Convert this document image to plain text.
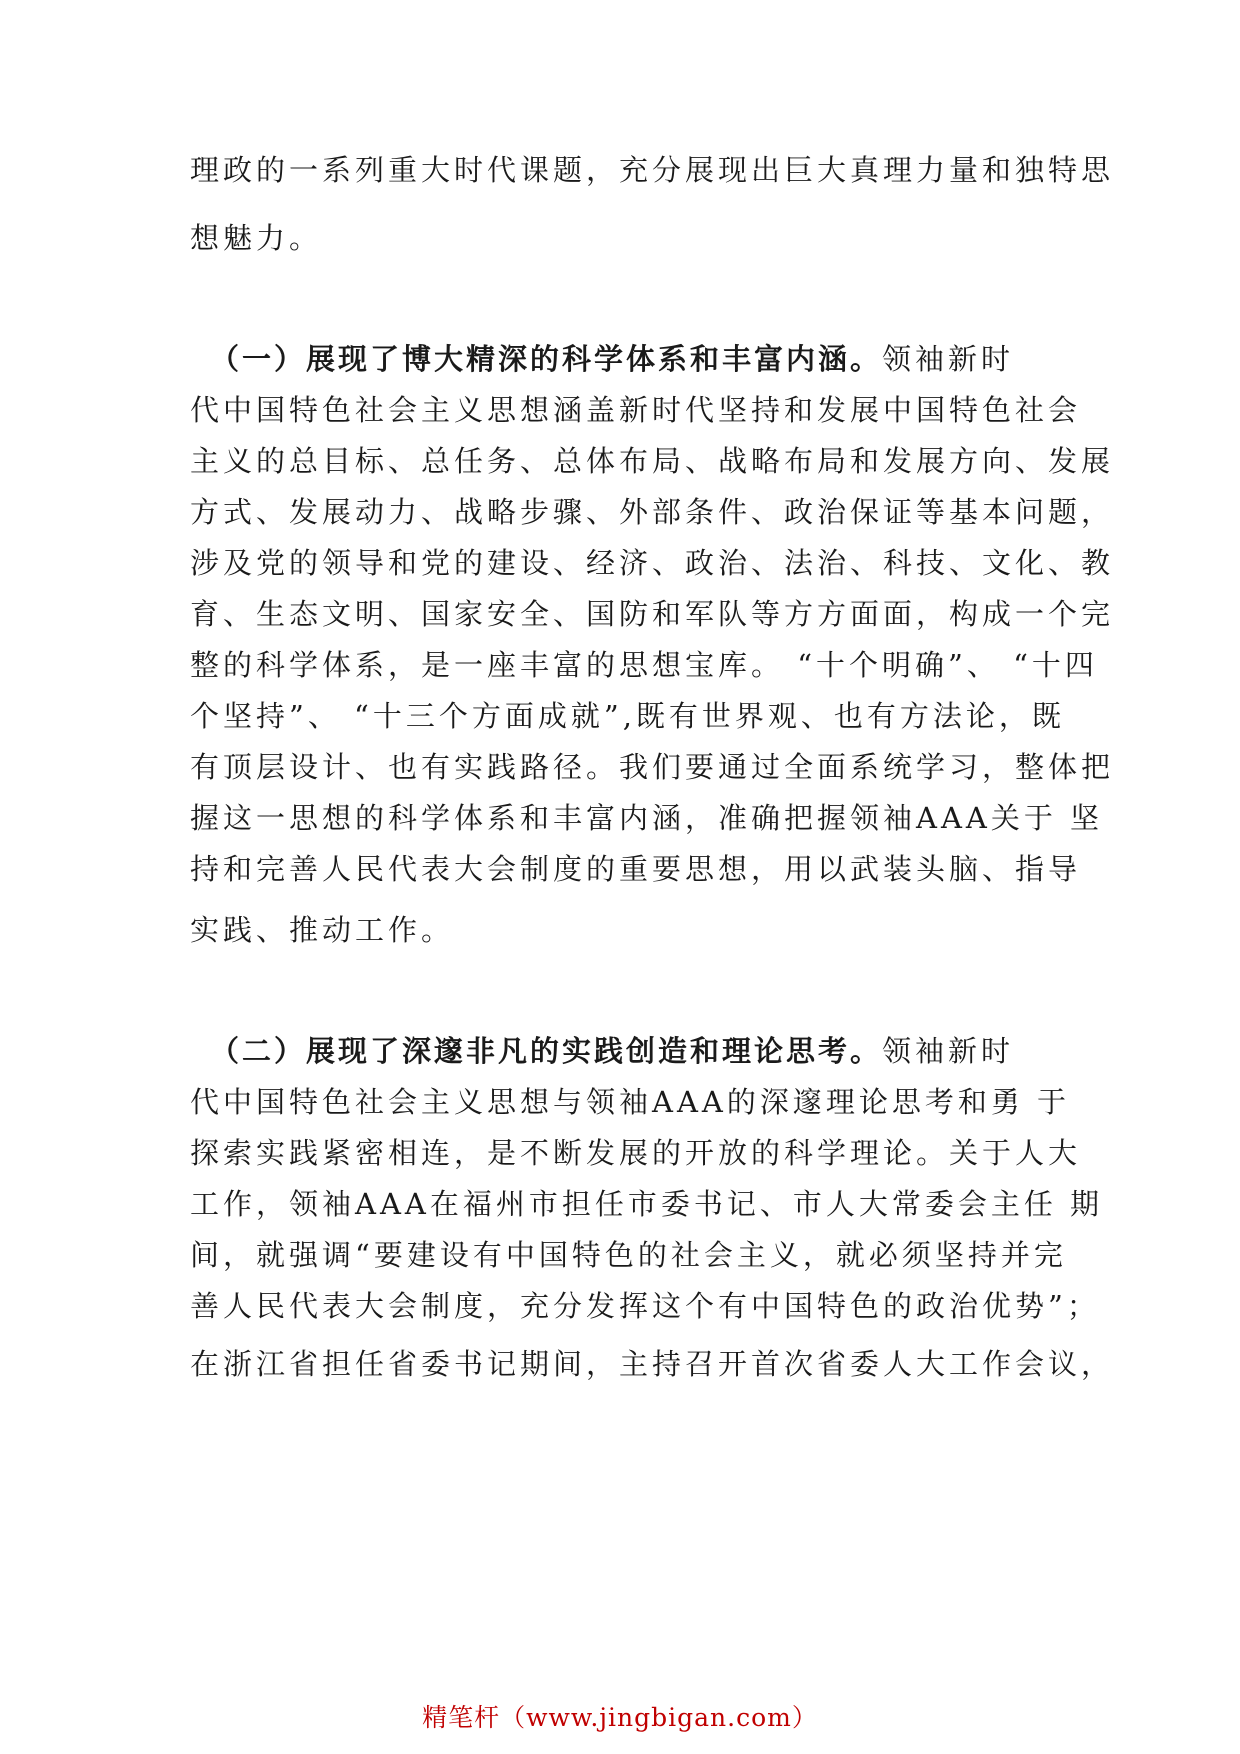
理政的一系列重大时代课题，充分展现出巨大真理力量和独特思
想魅力。
（一）展现了博大精深的科学体系和丰富内涵。领袖新时
代中国特色社会主义思想涵盖新时代坚持和发展中国特色社会
主义的总目标、总任务、总体布局、战略布局和发展方向、发展
方式、发展动力、战略步骤、外部条件、政治保证等基本问题，
涉及党的领导和党的建设、经济、政治、法治、科技、文化、教
育、生态文明、国家安全、国防和军队等方方面面，构成一个完
整的科学体系，是一座丰富的思想宝库。 “十个明确”、 “十四
个坚持”、 “十三个方面成就”,既有世界观、也有方法论，既
有顶层设计、也有实践路径。我们要通过全面系统学习，整体把
握这一思想的科学体系和丰富内涵，准确把握领袖AAA关于 坚
持和完善人民代表大会制度的重要思想，用以武装头脑、指导
实践、推动工作。
（二）展现了深邃非凡的实践创造和理论思考。领袖新时
代中国特色社会主义思想与领袖AAA的深邃理论思考和勇 于
探索实践紧密相连，是不断发展的开放的科学理论。关于人大
工作，领袖AAA在福州市担任市委书记、市人大常委会主任 期
间，就强调“要建设有中国特色的社会主义，就必须坚持并完
善人民代表大会制度，充分发挥这个有中国特色的政治优势”；
在浙江省担任省委书记期间，主持召开首次省委人大工作会议，
精笔杆（www.jingbigan.com）
